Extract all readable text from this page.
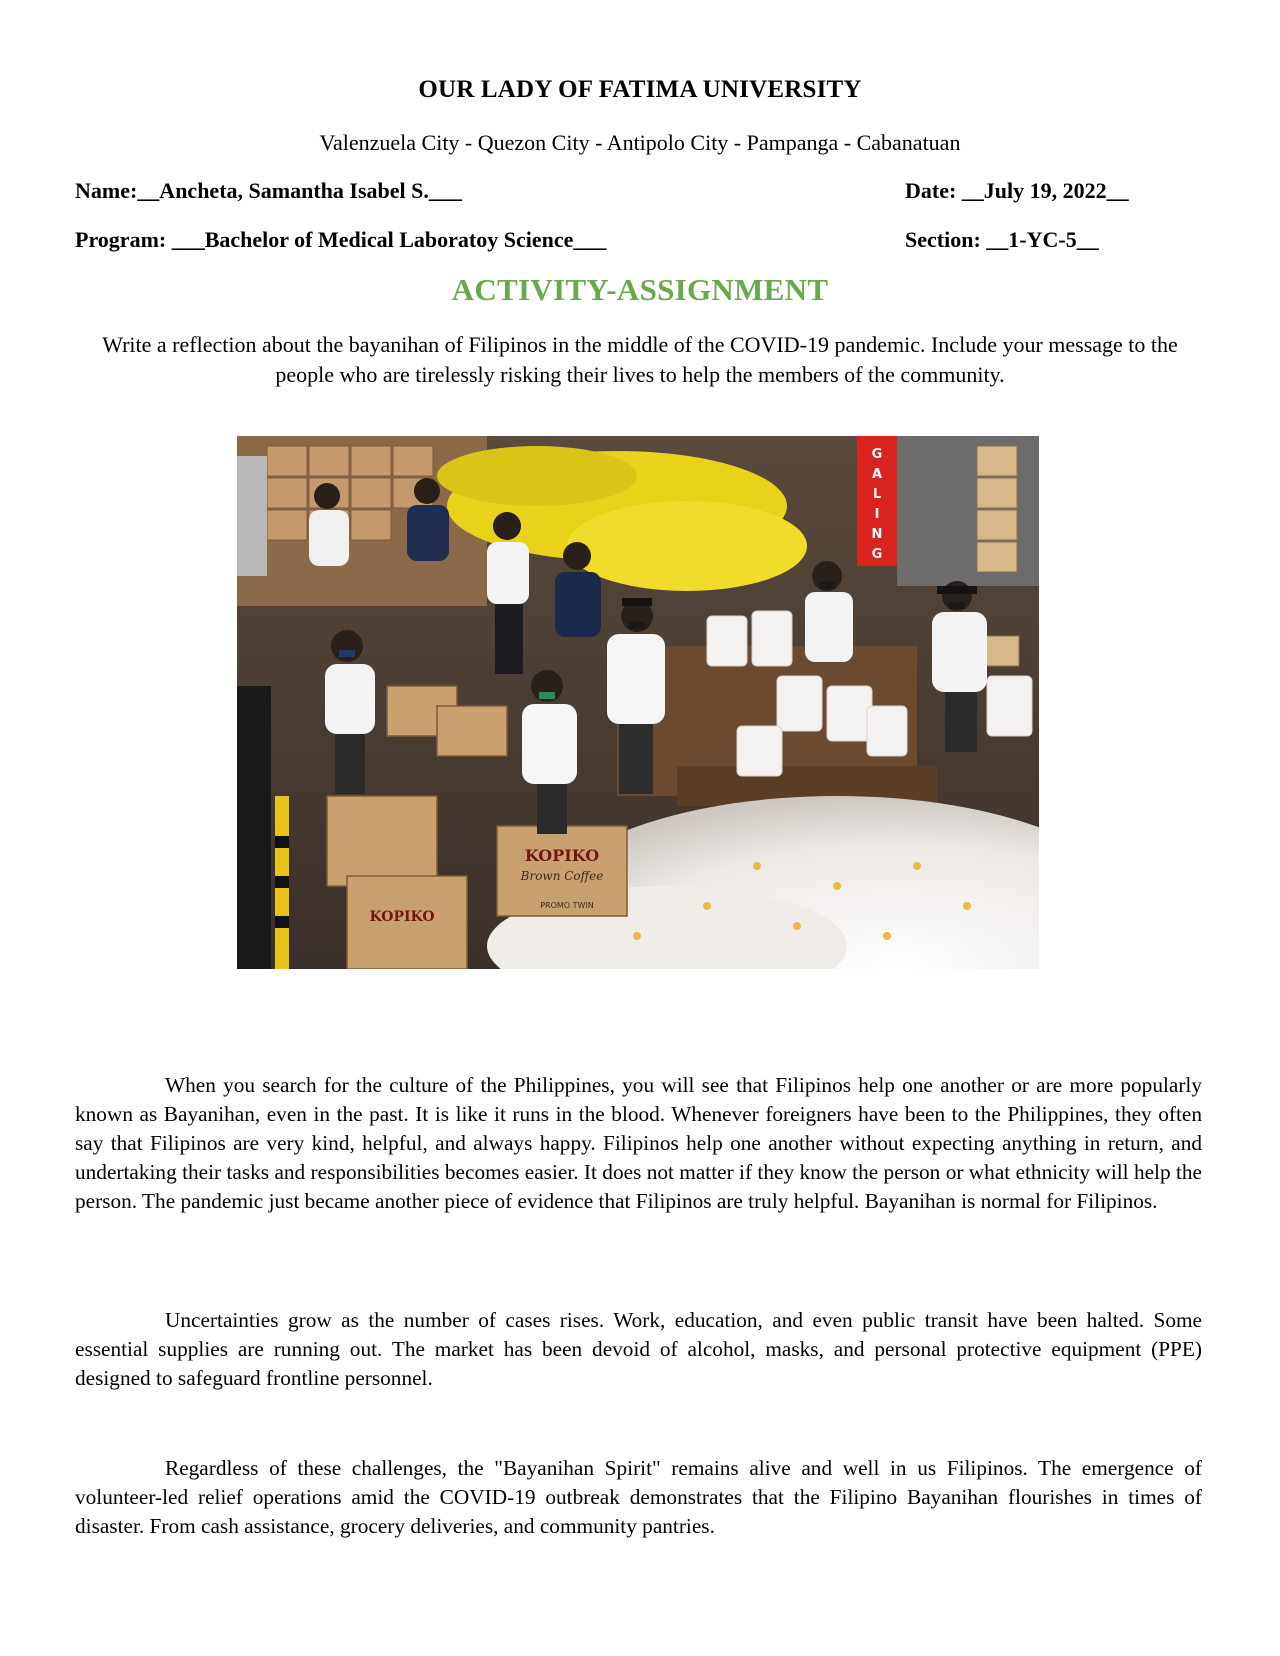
OUR LADY OF FATIMA UNIVERSITY
Valenzuela City - Quezon City - Antipolo City - Pampanga - Cabanatuan
Name:__Ancheta, Samantha Isabel S.___	Date: __July 19, 2022__
Program: ___Bachelor of Medical Laboratoy Science___	Section: __1-YC-5__
ACTIVITY-ASSIGNMENT
Write a reflection about the bayanihan of Filipinos in the middle of the COVID-19 pandemic. Include your message to the people who are tirelessly risking their lives to help the members of the community.
G
A
L
I
N
G
KOPIKO
Brown Coffee
PROMO TWIN
KOPIKO

When you search for the culture of the Philippines, you will see that Filipinos help one another or are more popularly known as Bayanihan, even in the past. It is like it runs in the blood. Whenever foreigners have been to the Philippines, they often say that Filipinos are very kind, helpful, and always happy. Filipinos help one another without expecting anything in return, and undertaking their tasks and responsibilities becomes easier. It does not matter if they know the person or what ethnicity will help the person. The pandemic just became another piece of evidence that Filipinos are truly helpful. Bayanihan is normal for Filipinos.

Uncertainties grow as the number of cases rises. Work, education, and even public transit have been halted. Some essential supplies are running out. The market has been devoid of alcohol, masks, and personal protective equipment (PPE) designed to safeguard frontline personnel.

Regardless of these challenges, the "Bayanihan Spirit" remains alive and well in us Filipinos. The emergence of volunteer-led relief operations amid the COVID-19 outbreak demonstrates that the Filipino Bayanihan flourishes in times of disaster. From cash assistance, grocery deliveries, and community pantries.
